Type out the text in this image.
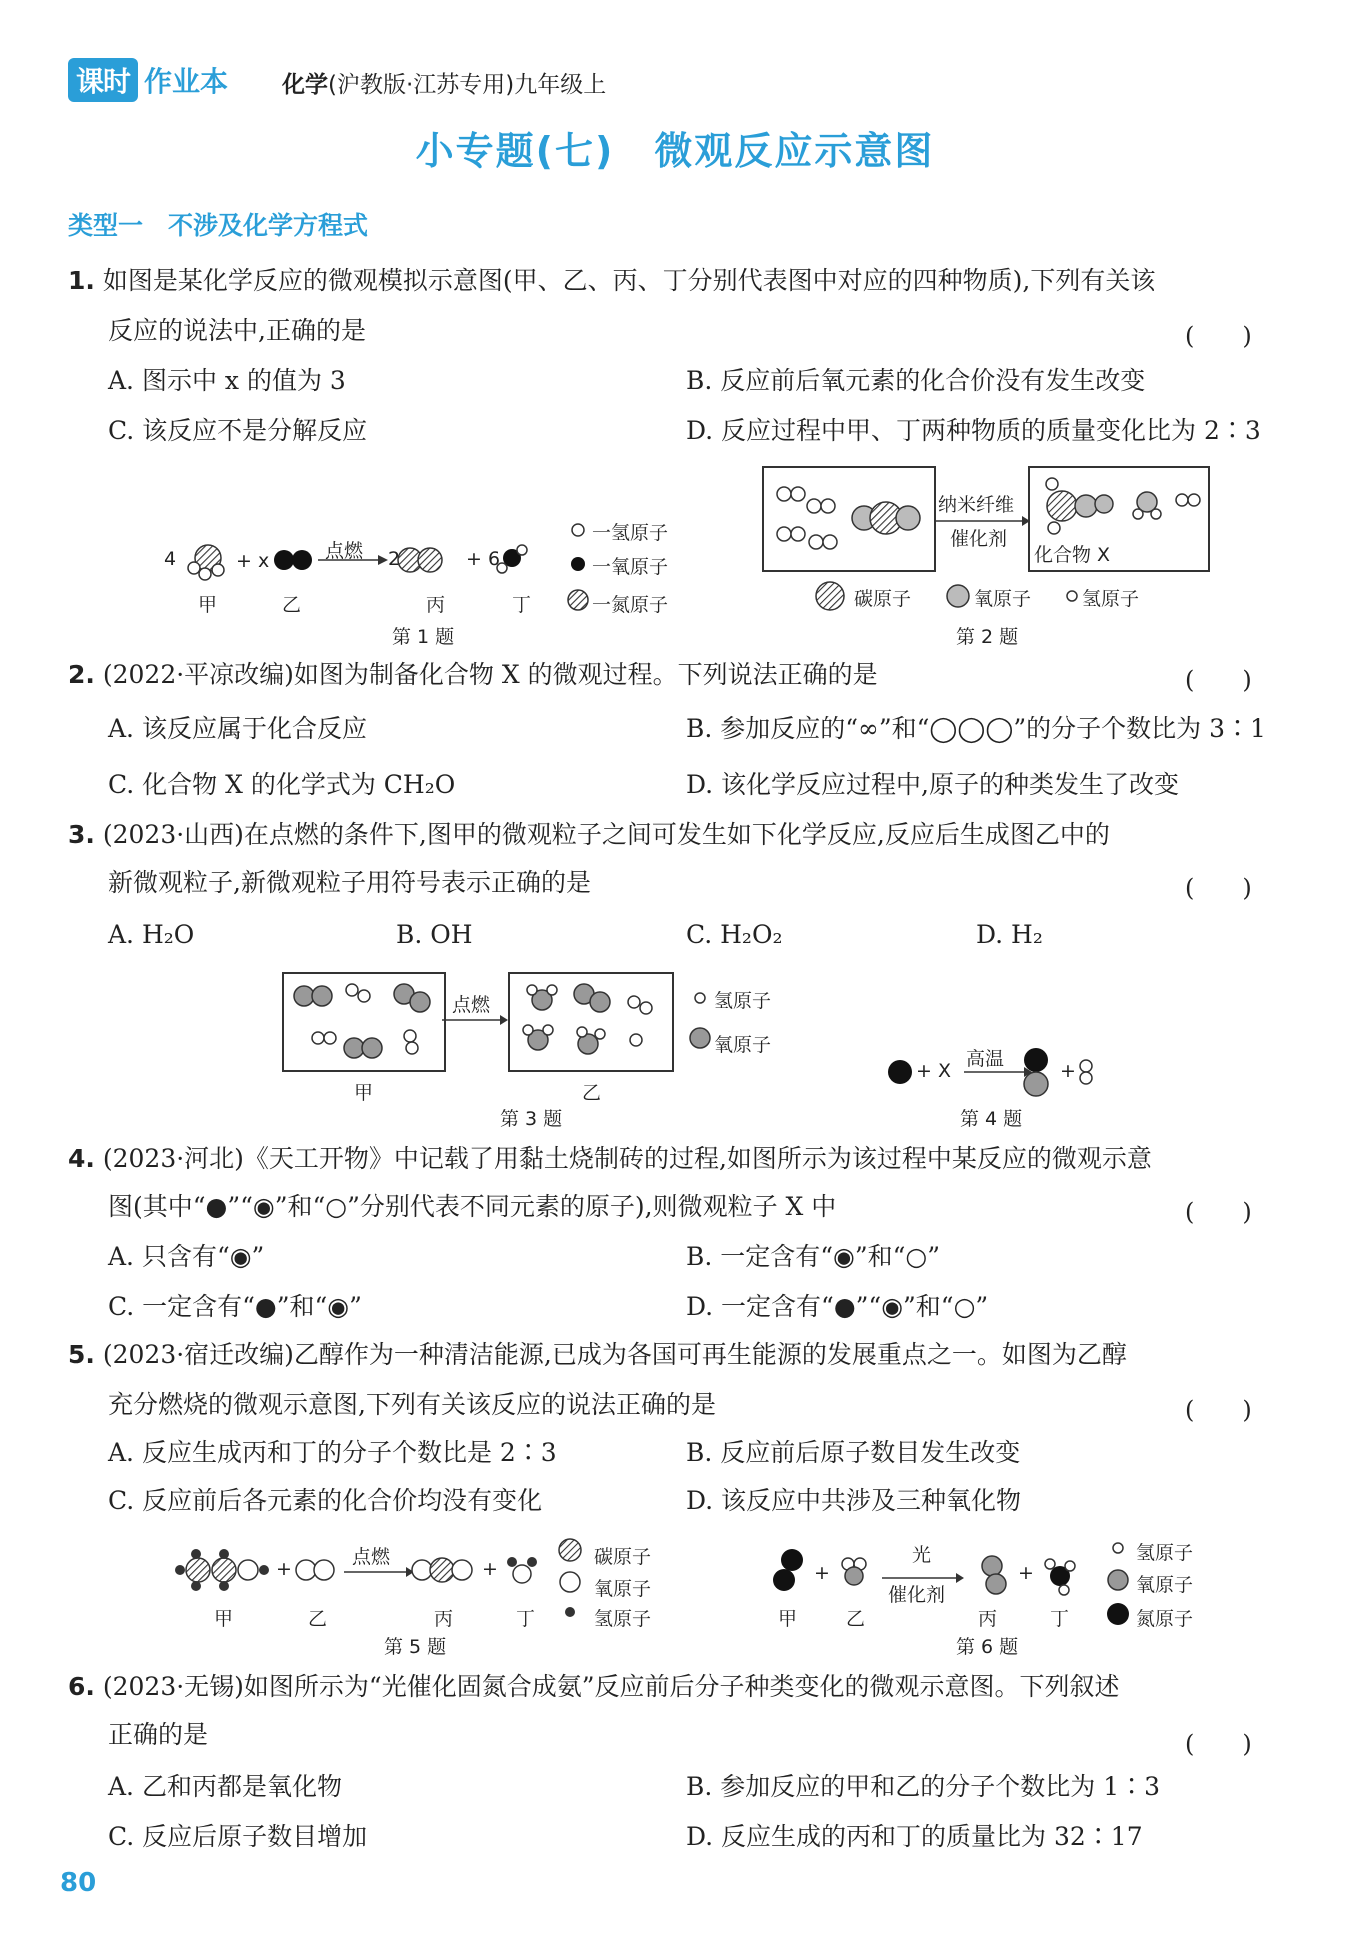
课时 作业本 化学(沪教版·江苏专用)九年级上
小专题(七)　微观反应示意图
类型一　不涉及化学方程式
1. 如图是某化学反应的微观模拟示意图(甲、乙、丙、丁分别代表图中对应的四种物质),下列有关该
反应的说法中,正确的是	(　　)
A. 图示中 x 的值为 3	B. 反应前后氧元素的化合价没有发生改变
C. 该反应不是分解反应	D. 反应过程中甲、丁两种物质的质量变化比为 2∶3
4	+ x	点燃 2	+ 6
一氢原子
一氧原子
一氮原子
甲	乙	丙	丁
第 1 题
纳米纤维
催化剂
化合物 X
碳原子	氧原子	氢原子
第 2 题
2. (2022·平凉改编)如图为制备化合物 X 的微观过程。下列说法正确的是	(　　)
A. 该反应属于化合反应	B. 参加反应的“∞”和“◯◯◯”的分子个数比为 3∶1
C. 化合物 X 的化学式为 CH₂O	D. 该化学反应过程中,原子的种类发生了改变
3. (2023·山西)在点燃的条件下,图甲的微观粒子之间可发生如下化学反应,反应后生成图乙中的
新微观粒子,新微观粒子用符号表示正确的是	(　　)
A. H₂O	B. OH	C. H₂O₂	D. H₂
点燃	氢原子
氧原子
甲	乙
第 3 题
+ X
高温
+
第 4 题
4. (2023·河北)《天工开物》中记载了用黏土烧制砖的过程,如图所示为该过程中某反应的微观示意
图(其中“●”“◉”和“○”分别代表不同元素的原子),则微观粒子 X 中	(　　)
A. 只含有“◉”	B. 一定含有“◉”和“○”
C. 一定含有“●”和“◉”	D. 一定含有“●”“◉”和“○”
5. (2023·宿迁改编)乙醇作为一种清洁能源,已成为各国可再生能源的发展重点之一。如图为乙醇
充分燃烧的微观示意图,下列有关该反应的说法正确的是	(　　)
A. 反应生成丙和丁的分子个数比是 2∶3	B. 反应前后原子数目发生改变
C. 反应前后各元素的化合价均没有变化	D. 该反应中共涉及三种氧化物
+	+
点燃	碳原子
氧原子
氢原子
甲	乙	丙	丁
第 5 题
+	+
光
催化剂
氢原子
氧原子
氮原子
甲	乙	丙	丁
第 6 题
6. (2023·无锡)如图所示为“光催化固氮合成氨”反应前后分子种类变化的微观示意图。下列叙述
正确的是	(　　)
A. 乙和丙都是氧化物	B. 参加反应的甲和乙的分子个数比为 1∶3
C. 反应后原子数目增加	D. 反应生成的丙和丁的质量比为 32∶17
80
